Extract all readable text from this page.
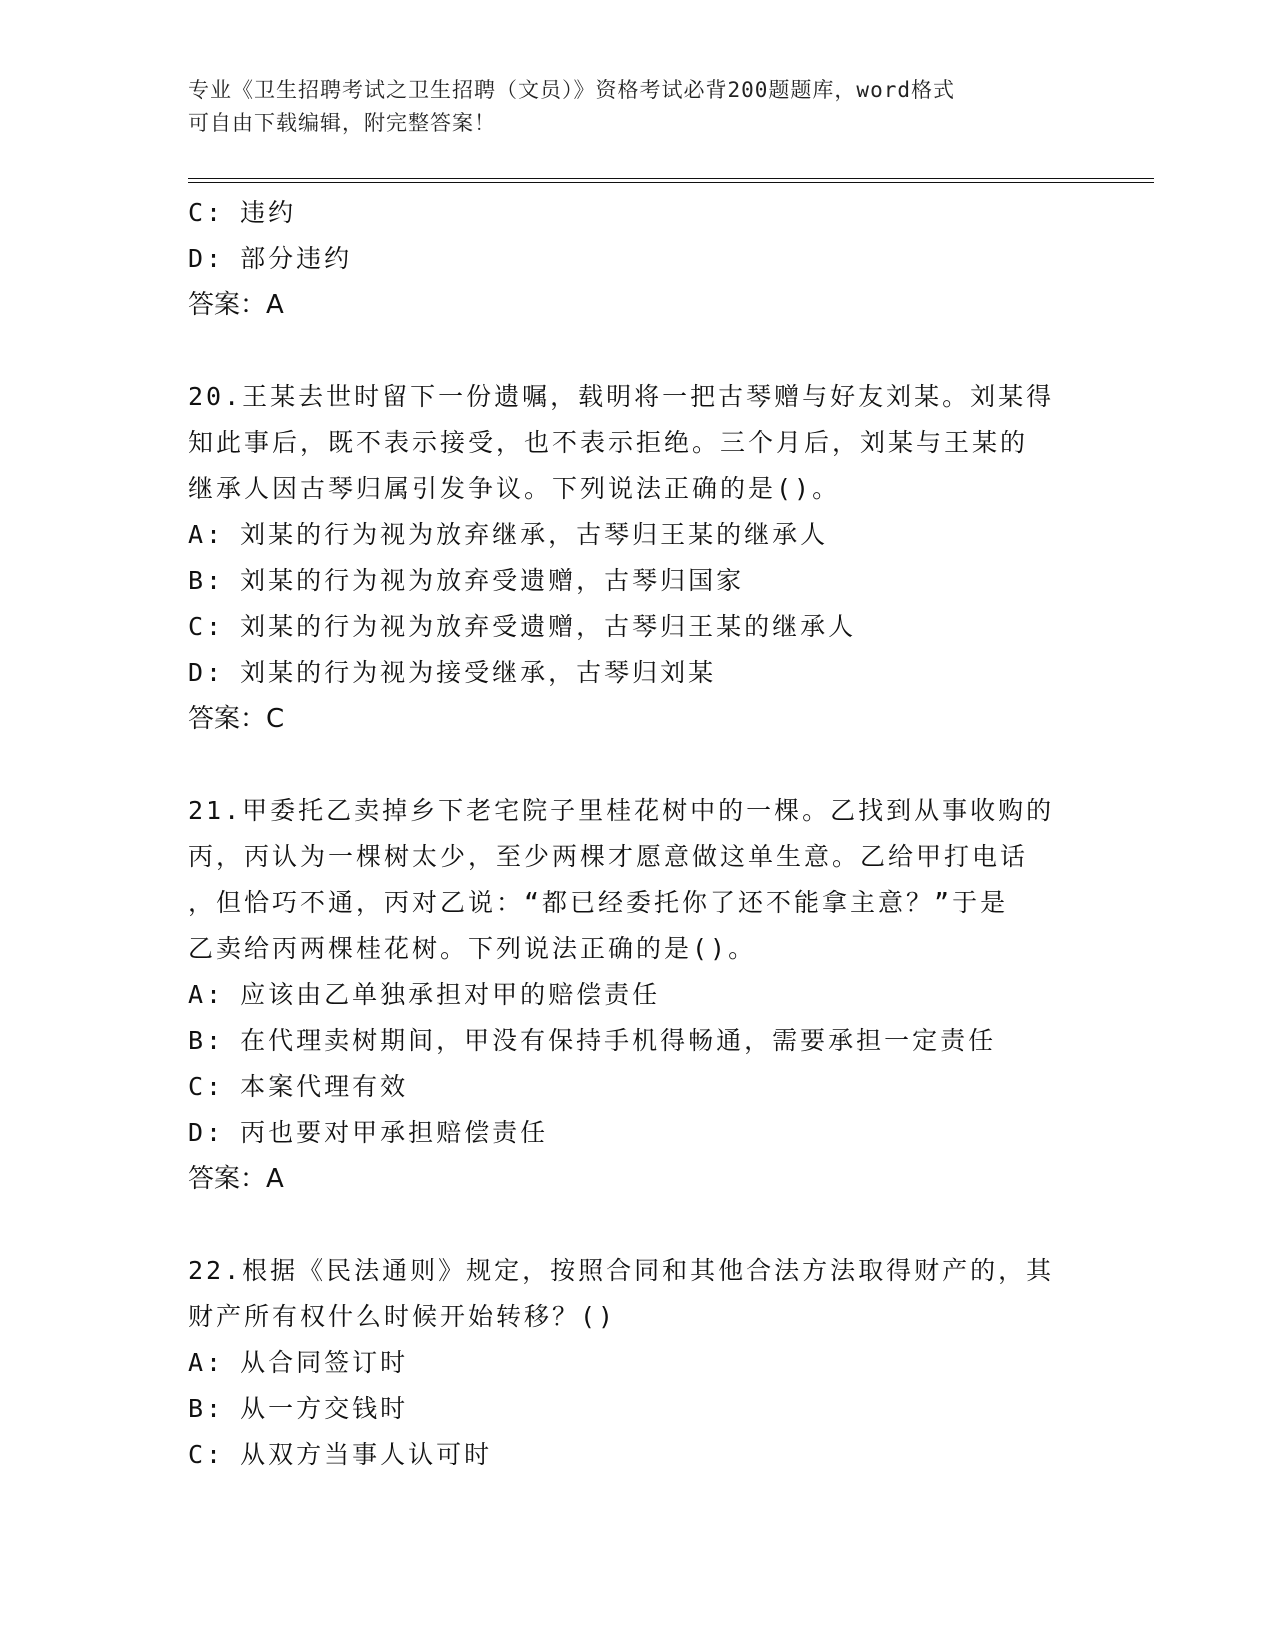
专业《卫生招聘考试之卫生招聘（文员）》资格考试必背200题题库，word格式
可自由下载编辑，附完整答案！
C: 违约
D: 部分违约
答案：A
20.王某去世时留下一份遗嘱，载明将一把古琴赠与好友刘某。刘某得
知此事后，既不表示接受，也不表示拒绝。三个月后，刘某与王某的
继承人因古琴归属引发争议。下列说法正确的是()。
A: 刘某的行为视为放弃继承，古琴归王某的继承人
B: 刘某的行为视为放弃受遗赠，古琴归国家
C: 刘某的行为视为放弃受遗赠，古琴归王某的继承人
D: 刘某的行为视为接受继承，古琴归刘某
答案：C
21.甲委托乙卖掉乡下老宅院子里桂花树中的一棵。乙找到从事收购的
丙，丙认为一棵树太少，至少两棵才愿意做这单生意。乙给甲打电话
，但恰巧不通，丙对乙说：“都已经委托你了还不能拿主意？”于是
乙卖给丙两棵桂花树。下列说法正确的是()。
A: 应该由乙单独承担对甲的赔偿责任
B: 在代理卖树期间，甲没有保持手机得畅通，需要承担一定责任
C: 本案代理有效
D: 丙也要对甲承担赔偿责任
答案：A
22.根据《民法通则》规定，按照合同和其他合法方法取得财产的，其
财产所有权什么时候开始转移？()
A: 从合同签订时
B: 从一方交钱时
C: 从双方当事人认可时
